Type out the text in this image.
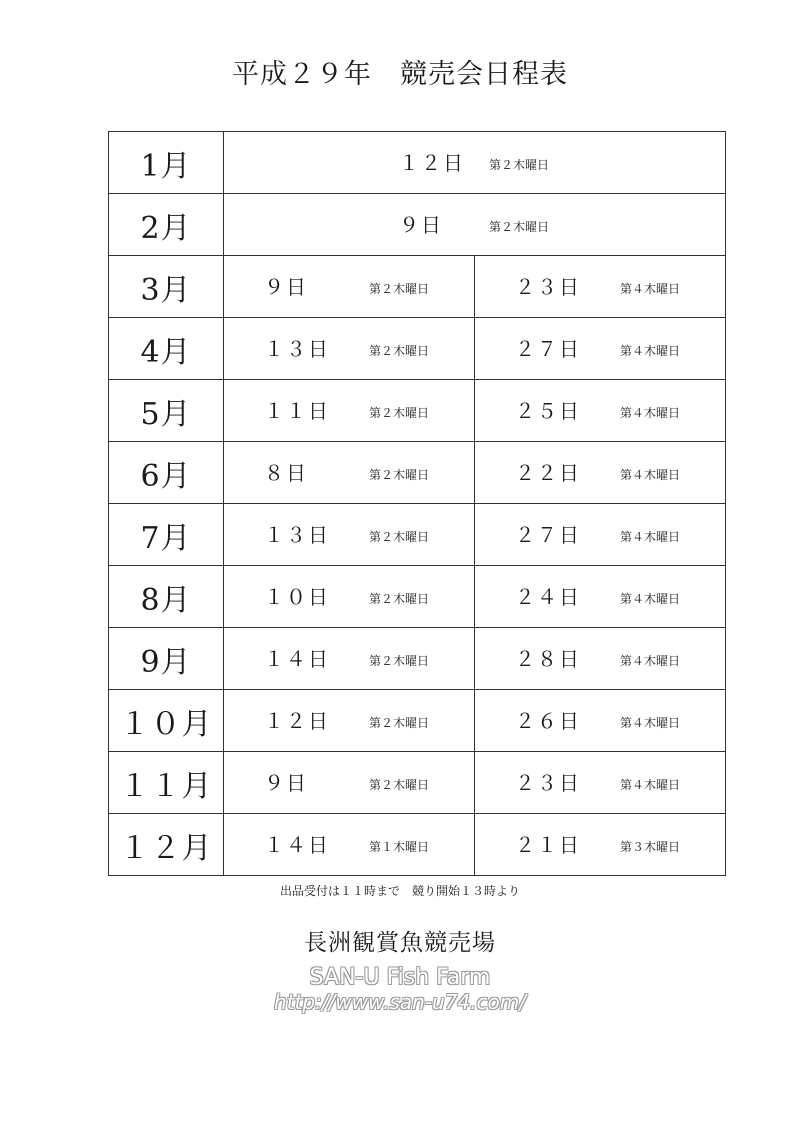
平成２９年　競売会日程表
1月	１２日 第２木曜日	

2月	９日 第２木曜日	

3月	９日 第２木曜日	２３日 第４木曜日

4月	１３日 第２木曜日	２７日 第４木曜日

5月	１１日 第２木曜日	２５日 第４木曜日

6月	８日 第２木曜日	２２日 第４木曜日

7月	１３日 第２木曜日	２７日 第４木曜日

8月	１０日 第２木曜日	２４日 第４木曜日

9月	１４日 第２木曜日	２８日 第４木曜日

１０月	１２日 第２木曜日	２６日 第４木曜日

１１月	９日 第２木曜日	２３日 第４木曜日

１２月	１４日 第１木曜日	２１日 第３木曜日
出品受付は１１時まで　競り開始１３時より
長洲観賞魚競売場
SAN-U Fish Farm
http://www.san-u74.com/
